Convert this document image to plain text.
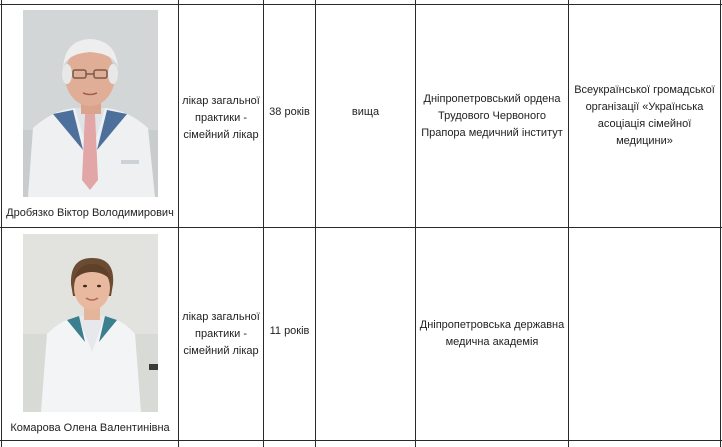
Дробязко Віктор Володимирович
лікар загальної практики - сімейний лікар
38 років	вища
Дніпропетровський ордена Трудового Червоного Прапора медичний інститут
Всеукраїнської громадської організації «Українська асоціація сімейної медицини»
Комарова Олена Валентинівна
лікар загальної практики - сімейний лікар
11 років	Дніпропетровська державна медична академія
